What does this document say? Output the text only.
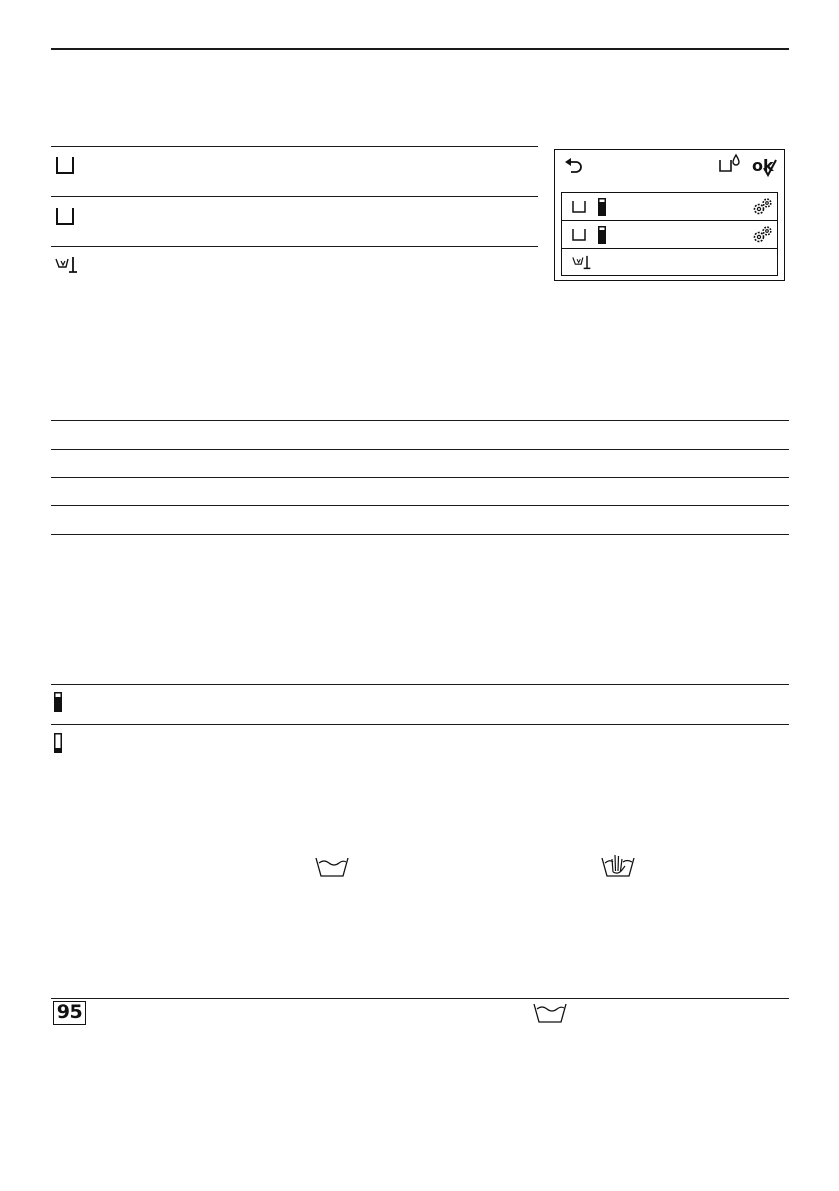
ok
95
